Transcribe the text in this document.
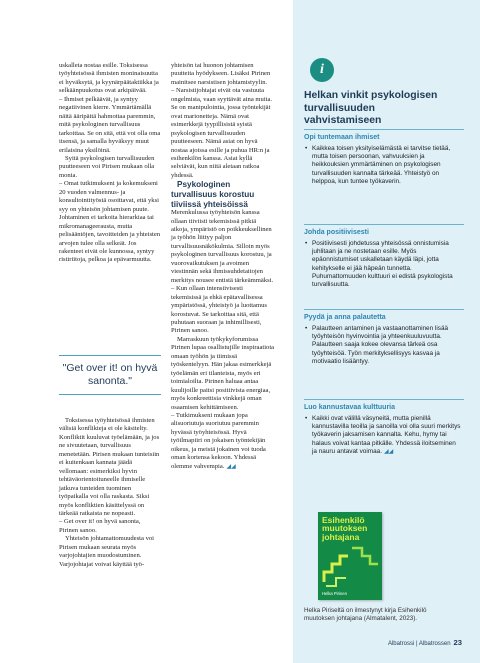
uskalleta nostaa esille. Toksisessa työyhteisössä ihmisten moninaisuutta ei hyväksytä, ja kyynärpäätaktiikka ja selkäänpuukotus ovat arkipäivää.

– Ihmiset pelkäävät, ja syntyy negatiivinen kierre. Ymmärtämällä näitä ääripäitä hahmottaa paremmin, mitä psykologinen turvallisuus tarkoittaa. Se on sitä, että voi olla oma itsensä, ja samalla hyväksyy muut erilaisina yksilöinä.

Syitä psykologisen turvallisuuden puutteeseen voi Pirisen mukaan olla monia.

– Omat tutkimukseni ja kokemukseni 20 vuoden valmennus- ja konsultointityöstä osoittavat, että yksi syy on yhteisön johtamisen puute. Johtaminen ei tarkoita hierarkiaa tai mikromanageerausta, mutta pelisääntöjen, tavoitteiden ja yhteisten arvojen tulee olla selkeät. Jos rakenteet eivät ole kunnossa, syntyy ristiriitoja, pelkoa ja epävarmuutta.

"Get over it! on hyvä sanonta."

Toksisessa työyhteisössä ihmisten välisiä konflikteja ei ole käsitelty. Konfliktit kuuluvat työelämään, ja jos ne sivuutetaan, turvallisuus menetetään. Pirisen mukaan tunteisiin ei kuitenkaan kannata jäädä vellomaan: esimerkiksi hyvin tehtäväorientoituneelle ihmiselle jatkuva tunteiden tuominen työpaikalla voi olla raskasta. Siksi myös konfliktien käsittelyssä on tärkeää ratkaista ne nopeasti.

– Get over it! on hyvä sanonta, Pirinen sanoo.

Yhteisön johtamattomuudesta voi Pirisen mukaan seurata myös varjojohtajien muodostuminen. Varjojohtajat voivat käyttää työ-

yhteisön tai huonon johtamisen puutteita hyödykseen. Lisäksi Pirinen mainitsee narsistisen johtamistyylin.

– Narsistijohtajat eivät ota vastuuta ongelmista, vaan syyttävät aina muita. Se on manipulointia, jossa työntekijät ovat marionetteja. Nämä ovat esimerkkejä tyypillisistä syistä psykologisen turvallisuuden puutteeseen. Nämä asiat on hyvä nostaa ajoissa esille ja puhua HR:n ja esihenkilön kanssa. Asiat kyllä selviävät, kun niitä aletaan ratkoa yhdessä.

Psykologinen turvallisuus korostuu tiiviissä yhteisöissä

Merenkulussa työyhteisön kanssa ollaan tiiviisti tekemisissä pitkiä aikoja, ympäristö on poikkeuksellinen ja työhön liittyy paljon turvallisuusnäkökulmia. Silloin myös psykologinen turvallisuus korostuu, ja vuorovaikutuksen ja avoimen viestinnän sekä ihmissuhdetaitojen merkitys nousee entistä tärkeämmäksi.

– Kun ollaan intensiivisesti tekemisissä ja ehkä epätavallisessa ympäristössä, yhteistyö ja luottamus korostuvat. Se tarkoittaa sitä, että puhutaan suoraan ja inhimillisesti, Pirinen sanoo.

Marraskuun työkykyforumissa Pirinen lupaa osallistujille inspiraatiota omaan työhön ja tiimissä työskentelyyn. Hän jakaa esimerkkejä työelämän eri tilanteista, myös eri toimialoilta. Pirinen haluaa antaa kuulijoille paitsi positiivista energiaa, myös konkreettisia vinkkejä oman osaamisen kehittämiseen.

– Tutkimukseni mukaan jopa alisuoriutuja suoriutuu paremmin hyvässä työyhteisössä. Hyvä työilmapiiri on jokaisen työntekijän oikeus, ja meistä jokainen voi tuoda oman kortensa kekoon. Yhdessä olemme vahvempia. ◢◢

i
Helkan vinkit psykologisen turvallisuuden vahvistamiseen
Opi tuntemaan ihmiset
• Kaikkea toisen yksityiselämästä ei tarvitse tietää, mutta toisen persoonan, vahvuuksien ja heikkouksien ymmärtäminen on psykologisen turvallisuuden kannalta tärkeää. Yhteistyö on helppoa, kun tuntee työkaverin.
Johda positiivisesti
• Positiivisesti johdetussa yhteisössä onnistumisia juhlitaan ja ne nostetaan esille. Myös epäonnistumiset uskalletaan käydä läpi, jotta kehitykselle ei jää häpeän tunnetta. Puhumattomuuden kulttuuri ei edistä psykologista turvallisuutta.
Pyydä ja anna palautetta
• Palautteen antaminen ja vastaanottaminen lisää työyhteisön hyvinvointia ja yhteenkuuluvuutta. Palautteen saaja kokee olevansa tärkeä osa työyhteisöä. Työn merkityksellisyys kasvaa ja motivaatio lisääntyy.
Luo kannustavaa kulttuuria
• Kaikki ovat välillä väsyneitä, mutta pienillä kannustavilla teoilla ja sanoilla voi olla suuri merkitys työkaverin jaksamisen kannalta. Kehu, hymy tai halaus voivat kantaa pitkälle. Yhdessä iloitseminen ja nauru antavat voimaa. ◢◢
Esihenkilö muutoksen johtajana
Helka Pirinen
Helka Piriseltä on ilmestynyt kirja Esihenkilö muutoksen johtajana (Almatalent, 2023).
Albatrossi | Albatrossen 23
